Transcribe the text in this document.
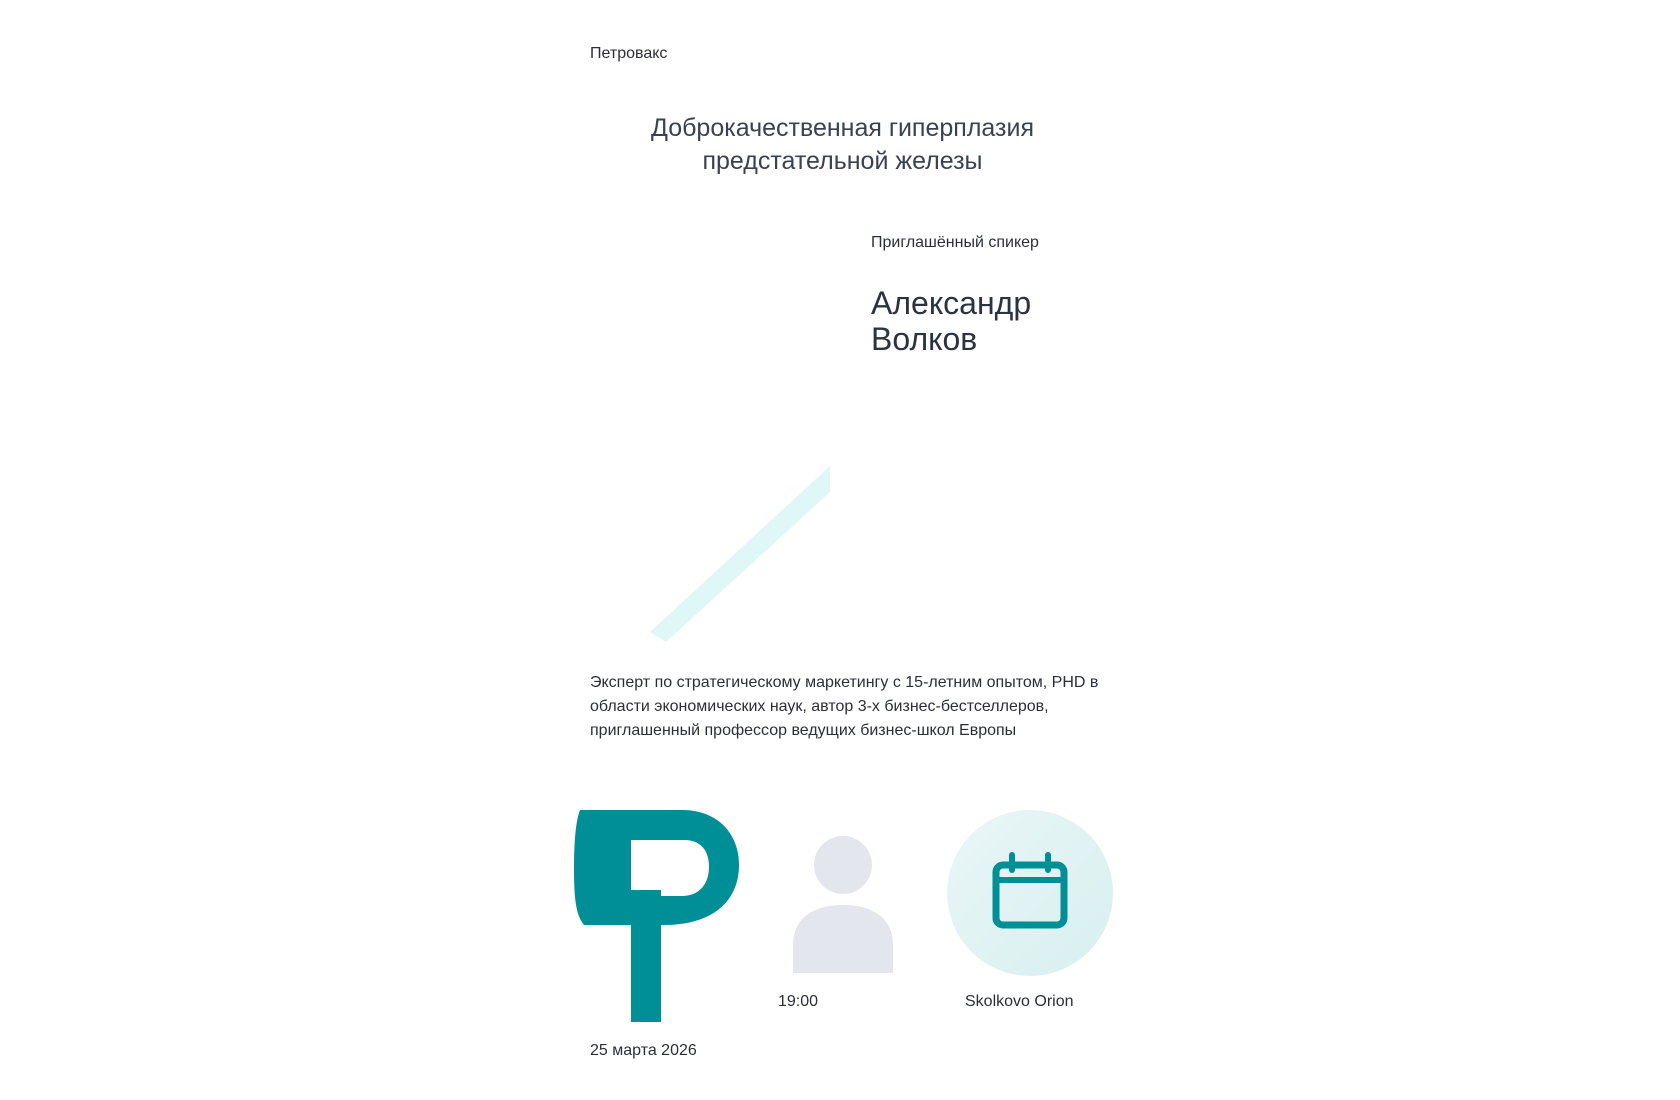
Петровакс
Доброкачественная гиперплазия предстательной железы
Приглашённый спикер
Александр Волков

Эксперт по стратегическому маркетингу с 15-летним опытом, PHD в области экономических наук, автор 3-х бизнес-бестселлеров, приглашенный профессор ведущих бизнес-школ Европы

19:00	Skolkovo Orion
25 марта 2026
